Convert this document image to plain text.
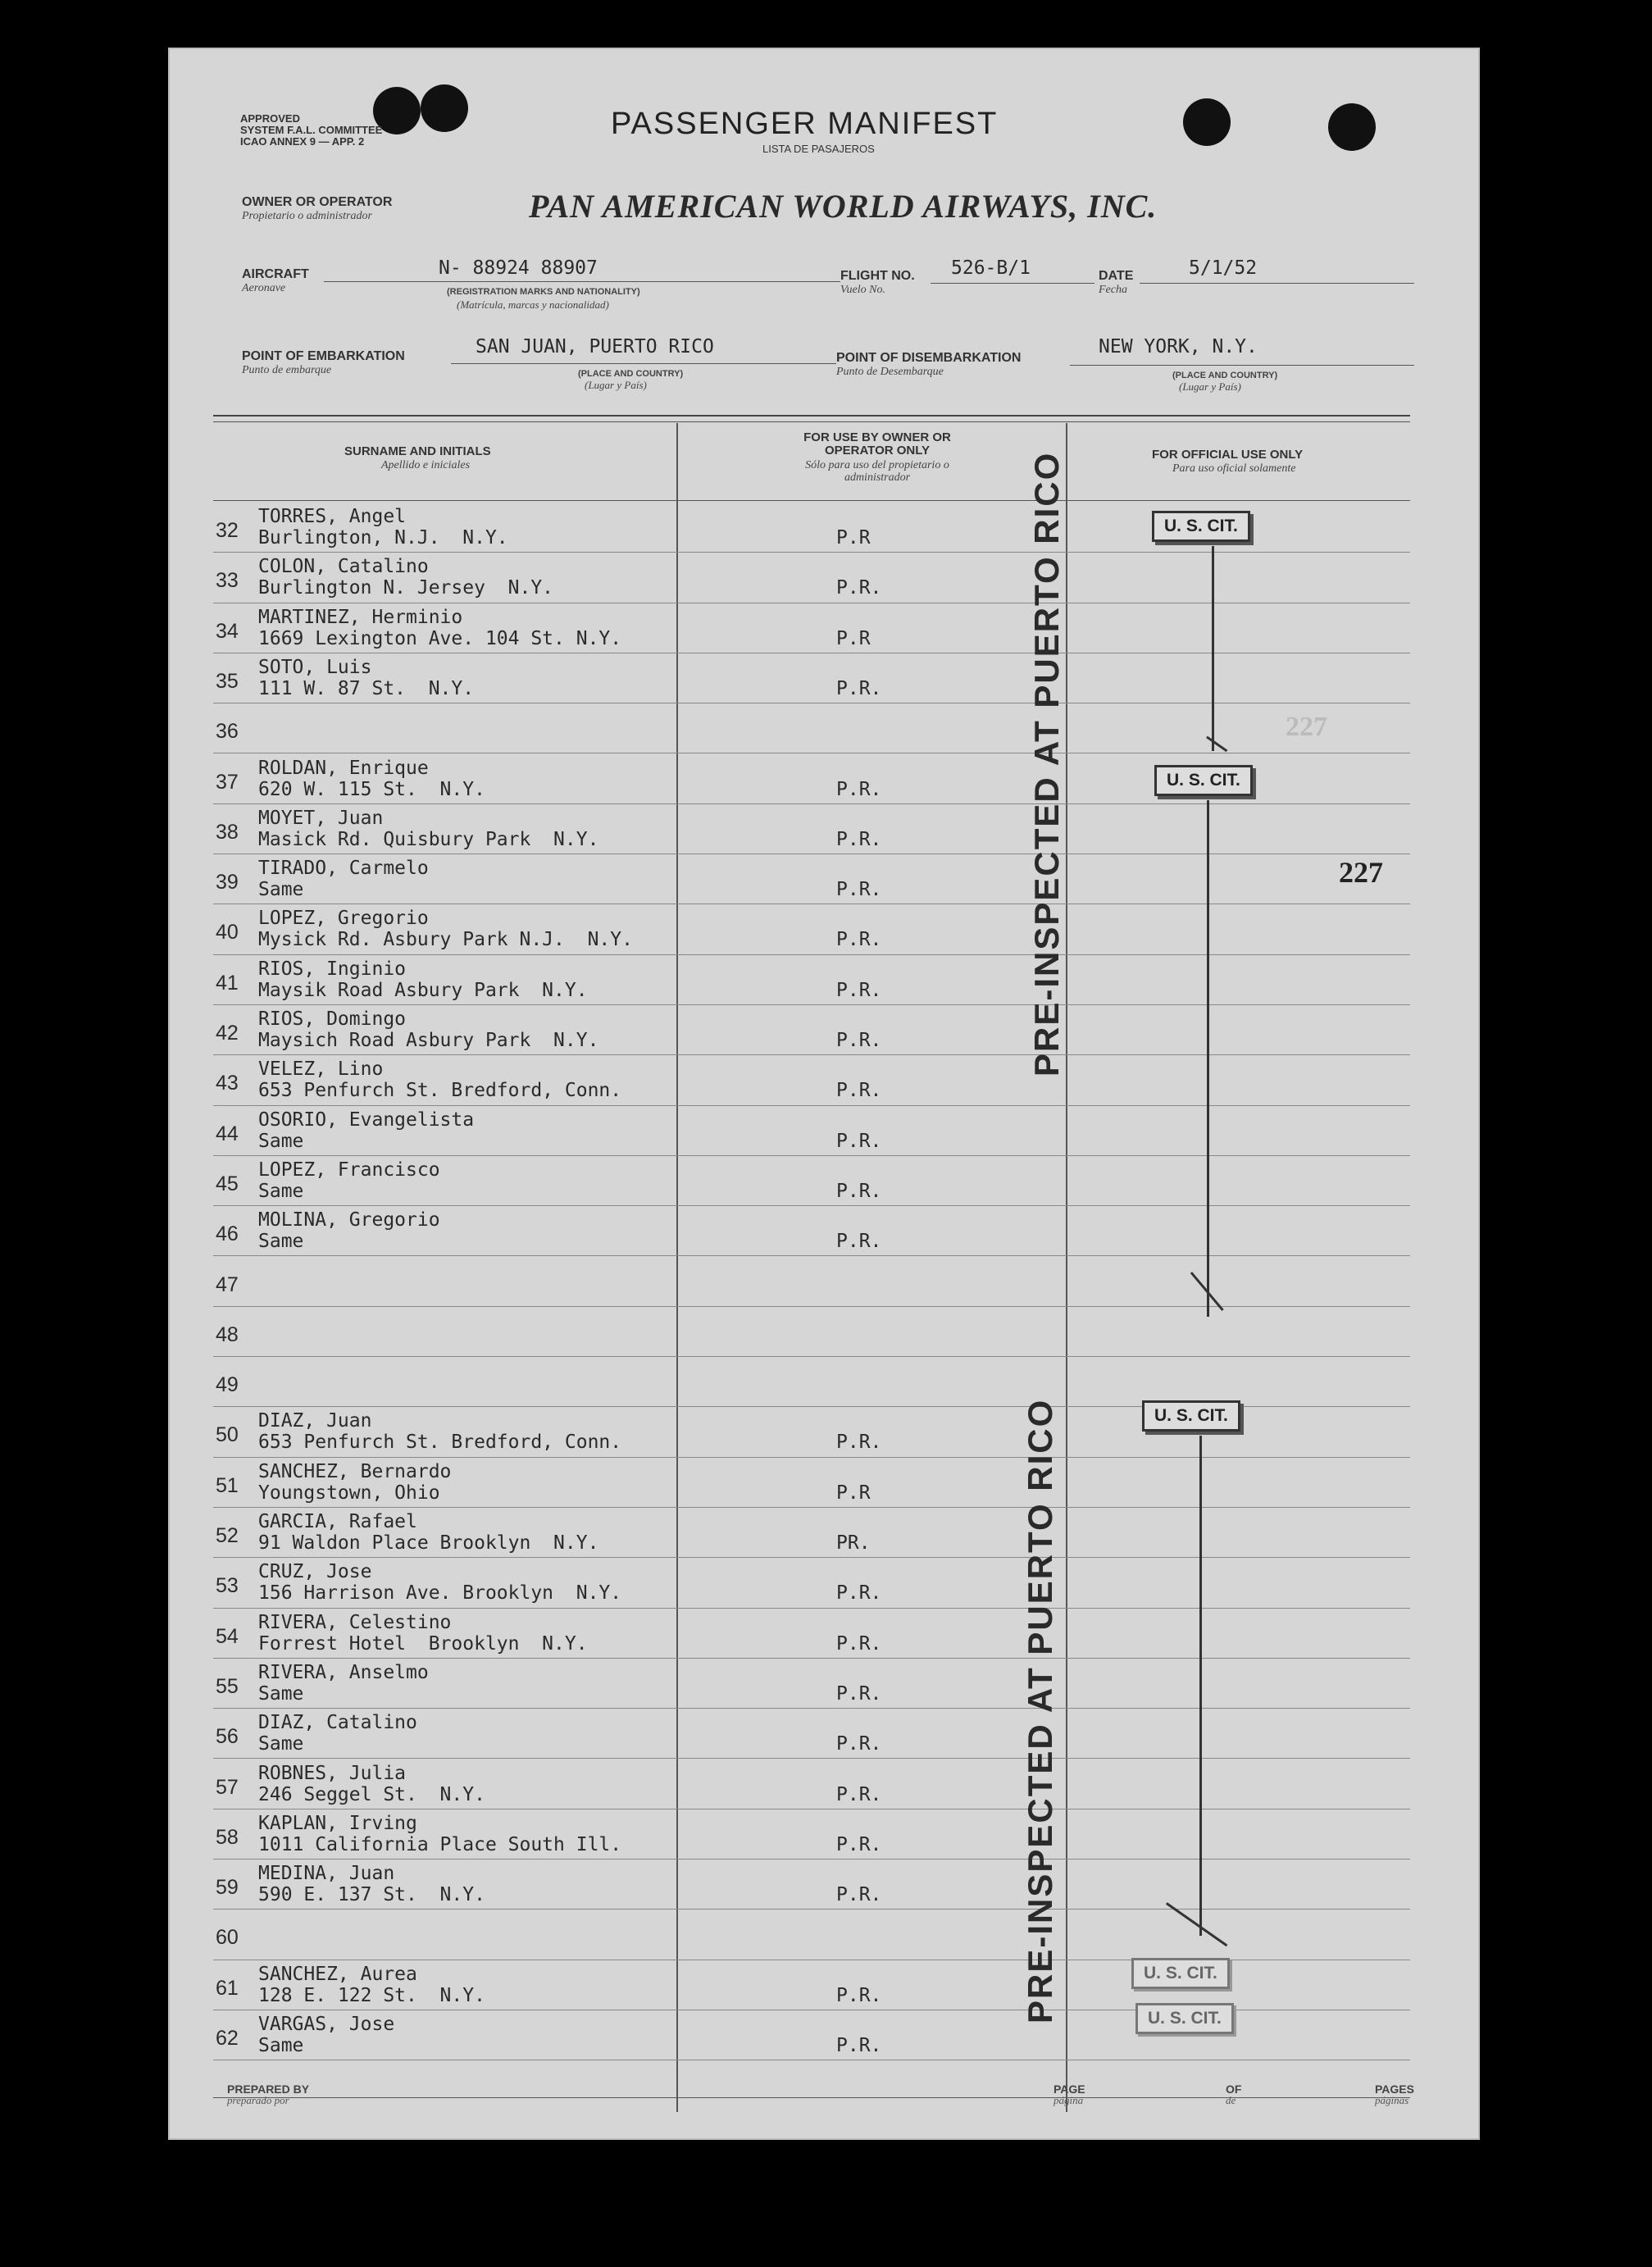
APPROVED
SYSTEM F.A.L. COMMITTEE
ICAO ANNEX 9 — APP. 2
PASSENGER MANIFEST
LISTA DE PASAJEROS
OWNER OR OPERATOR
Propietario o administrador	PAN AMERICAN WORLD AIRWAYS, INC.
AIRCRAFT
Aeronave
N- 88924 88907
(REGISTRATION MARKS AND NATIONALITY)
(Matrícula, marcas y nacionalidad)
FLIGHT NO.
Vuelo No.
526-B/1	DATE
Fecha
5/1/52
POINT OF EMBARKATION
Punto de embarque
SAN JUAN, PUERTO RICO
(PLACE AND COUNTRY)
(Lugar y País)
POINT OF DISEMBARKATION
Punto de Desembarque
NEW YORK, N.Y.
(PLACE AND COUNTRY)
(Lugar y País)
SURNAME AND INITIALS
Apellido e iniciales
FOR USE BY OWNER OR OPERATOR ONLY
Sólo para uso del propietario o administrador
FOR OFFICIAL USE ONLY
Para uso oficial solamente
32
TORRES, Angel
Burlington, N.J.  N.Y.	P.R
33
COLON, Catalino
Burlington N. Jersey  N.Y.	P.R.
34
MARTINEZ, Herminio
1669 Lexington Ave. 104 St. N.Y.	P.R
35
SOTO, Luis
111 W. 87 St.  N.Y.	P.R.
36
37
ROLDAN, Enrique
620 W. 115 St.  N.Y.	P.R.
38
MOYET, Juan
Masick Rd. Quisbury Park  N.Y.	P.R.
39
TIRADO, Carmelo
Same	P.R.
40
LOPEZ, Gregorio
Mysick Rd. Asbury Park N.J.  N.Y.	P.R.
41
RIOS, Inginio
Maysik Road Asbury Park  N.Y.	P.R.
42
RIOS, Domingo
Maysich Road Asbury Park  N.Y.	P.R.
43
VELEZ, Lino
653 Penfurch St. Bredford, Conn.	P.R.
44
OSORIO, Evangelista
Same	P.R.
45
LOPEZ, Francisco
Same	P.R.
46
MOLINA, Gregorio
Same	P.R.
47
48
49
50
DIAZ, Juan
653 Penfurch St. Bredford, Conn.	P.R.
51
SANCHEZ, Bernardo
Youngstown, Ohio	P.R
52
GARCIA, Rafael
91 Waldon Place Brooklyn  N.Y.	PR.
53
CRUZ, Jose
156 Harrison Ave. Brooklyn  N.Y.	P.R.
54
RIVERA, Celestino
Forrest Hotel  Brooklyn  N.Y.	P.R.
55
RIVERA, Anselmo
Same	P.R.
56
DIAZ, Catalino
Same	P.R.
57
ROBNES, Julia
246 Seggel St.  N.Y.	P.R.
58
KAPLAN, Irving
1011 California Place South Ill.	P.R.
59
MEDINA, Juan
590 E. 137 St.  N.Y.	P.R.
60
61
SANCHEZ, Aurea
128 E. 122 St.  N.Y.	P.R.
62
VARGAS, Jose
Same	P.R.
PRE-INSPECTED AT PUERTO RICO
PRE-INSPECTED AT PUERTO RICO
U. S. CIT.
U. S. CIT.
U. S. CIT.
U. S. CIT.
U. S. CIT.
227
227
PREPARED BY
preparado por
PAGE
página
OF
de
PAGES
páginas
